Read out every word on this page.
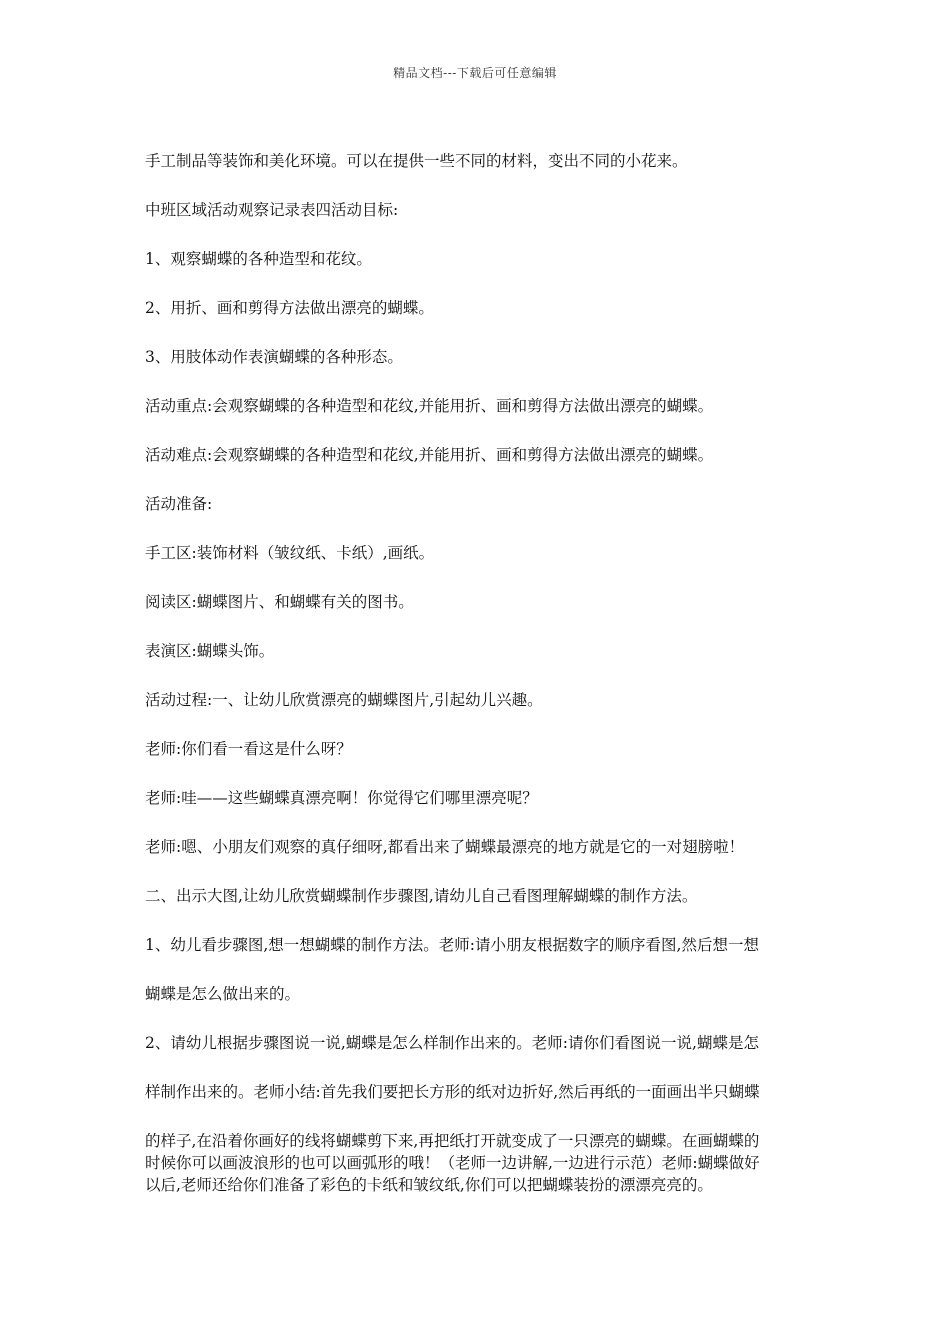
精品文档---下载后可任意编辑
手工制品等装饰和美化环境。可以在提供一些不同的材料，变出不同的小花来。
中班区域活动观察记录表四活动目标:
1、观察蝴蝶的各种造型和花纹。
2、用折、画和剪得方法做出漂亮的蝴蝶。
3、用肢体动作表演蝴蝶的各种形态。
活动重点:会观察蝴蝶的各种造型和花纹,并能用折、画和剪得方法做出漂亮的蝴蝶。
活动难点:会观察蝴蝶的各种造型和花纹,并能用折、画和剪得方法做出漂亮的蝴蝶。
活动准备:
手工区:装饰材料（皱纹纸、卡纸）,画纸。
阅读区:蝴蝶图片、和蝴蝶有关的图书。
表演区:蝴蝶头饰。
活动过程:一、让幼儿欣赏漂亮的蝴蝶图片,引起幼儿兴趣。
老师:你们看一看这是什么呀？
老师:哇——这些蝴蝶真漂亮啊！你觉得它们哪里漂亮呢？
老师:嗯、小朋友们观察的真仔细呀,都看出来了蝴蝶最漂亮的地方就是它的一对翅膀啦！
二、出示大图,让幼儿欣赏蝴蝶制作步骤图,请幼儿自己看图理解蝴蝶的制作方法。
1、幼儿看步骤图,想一想蝴蝶的制作方法。老师:请小朋友根据数字的顺序看图,然后想一想
蝴蝶是怎么做出来的。
2、请幼儿根据步骤图说一说,蝴蝶是怎么样制作出来的。老师:请你们看图说一说,蝴蝶是怎
样制作出来的。老师小结:首先我们要把长方形的纸对边折好,然后再纸的一面画出半只蝴蝶
的样子,在沿着你画好的线将蝴蝶剪下来,再把纸打开就变成了一只漂亮的蝴蝶。在画蝴蝶的
时候你可以画波浪形的也可以画弧形的哦！（老师一边讲解,一边进行示范）老师:蝴蝶做好
以后,老师还给你们准备了彩色的卡纸和皱纹纸,你们可以把蝴蝶装扮的漂漂亮亮的。
